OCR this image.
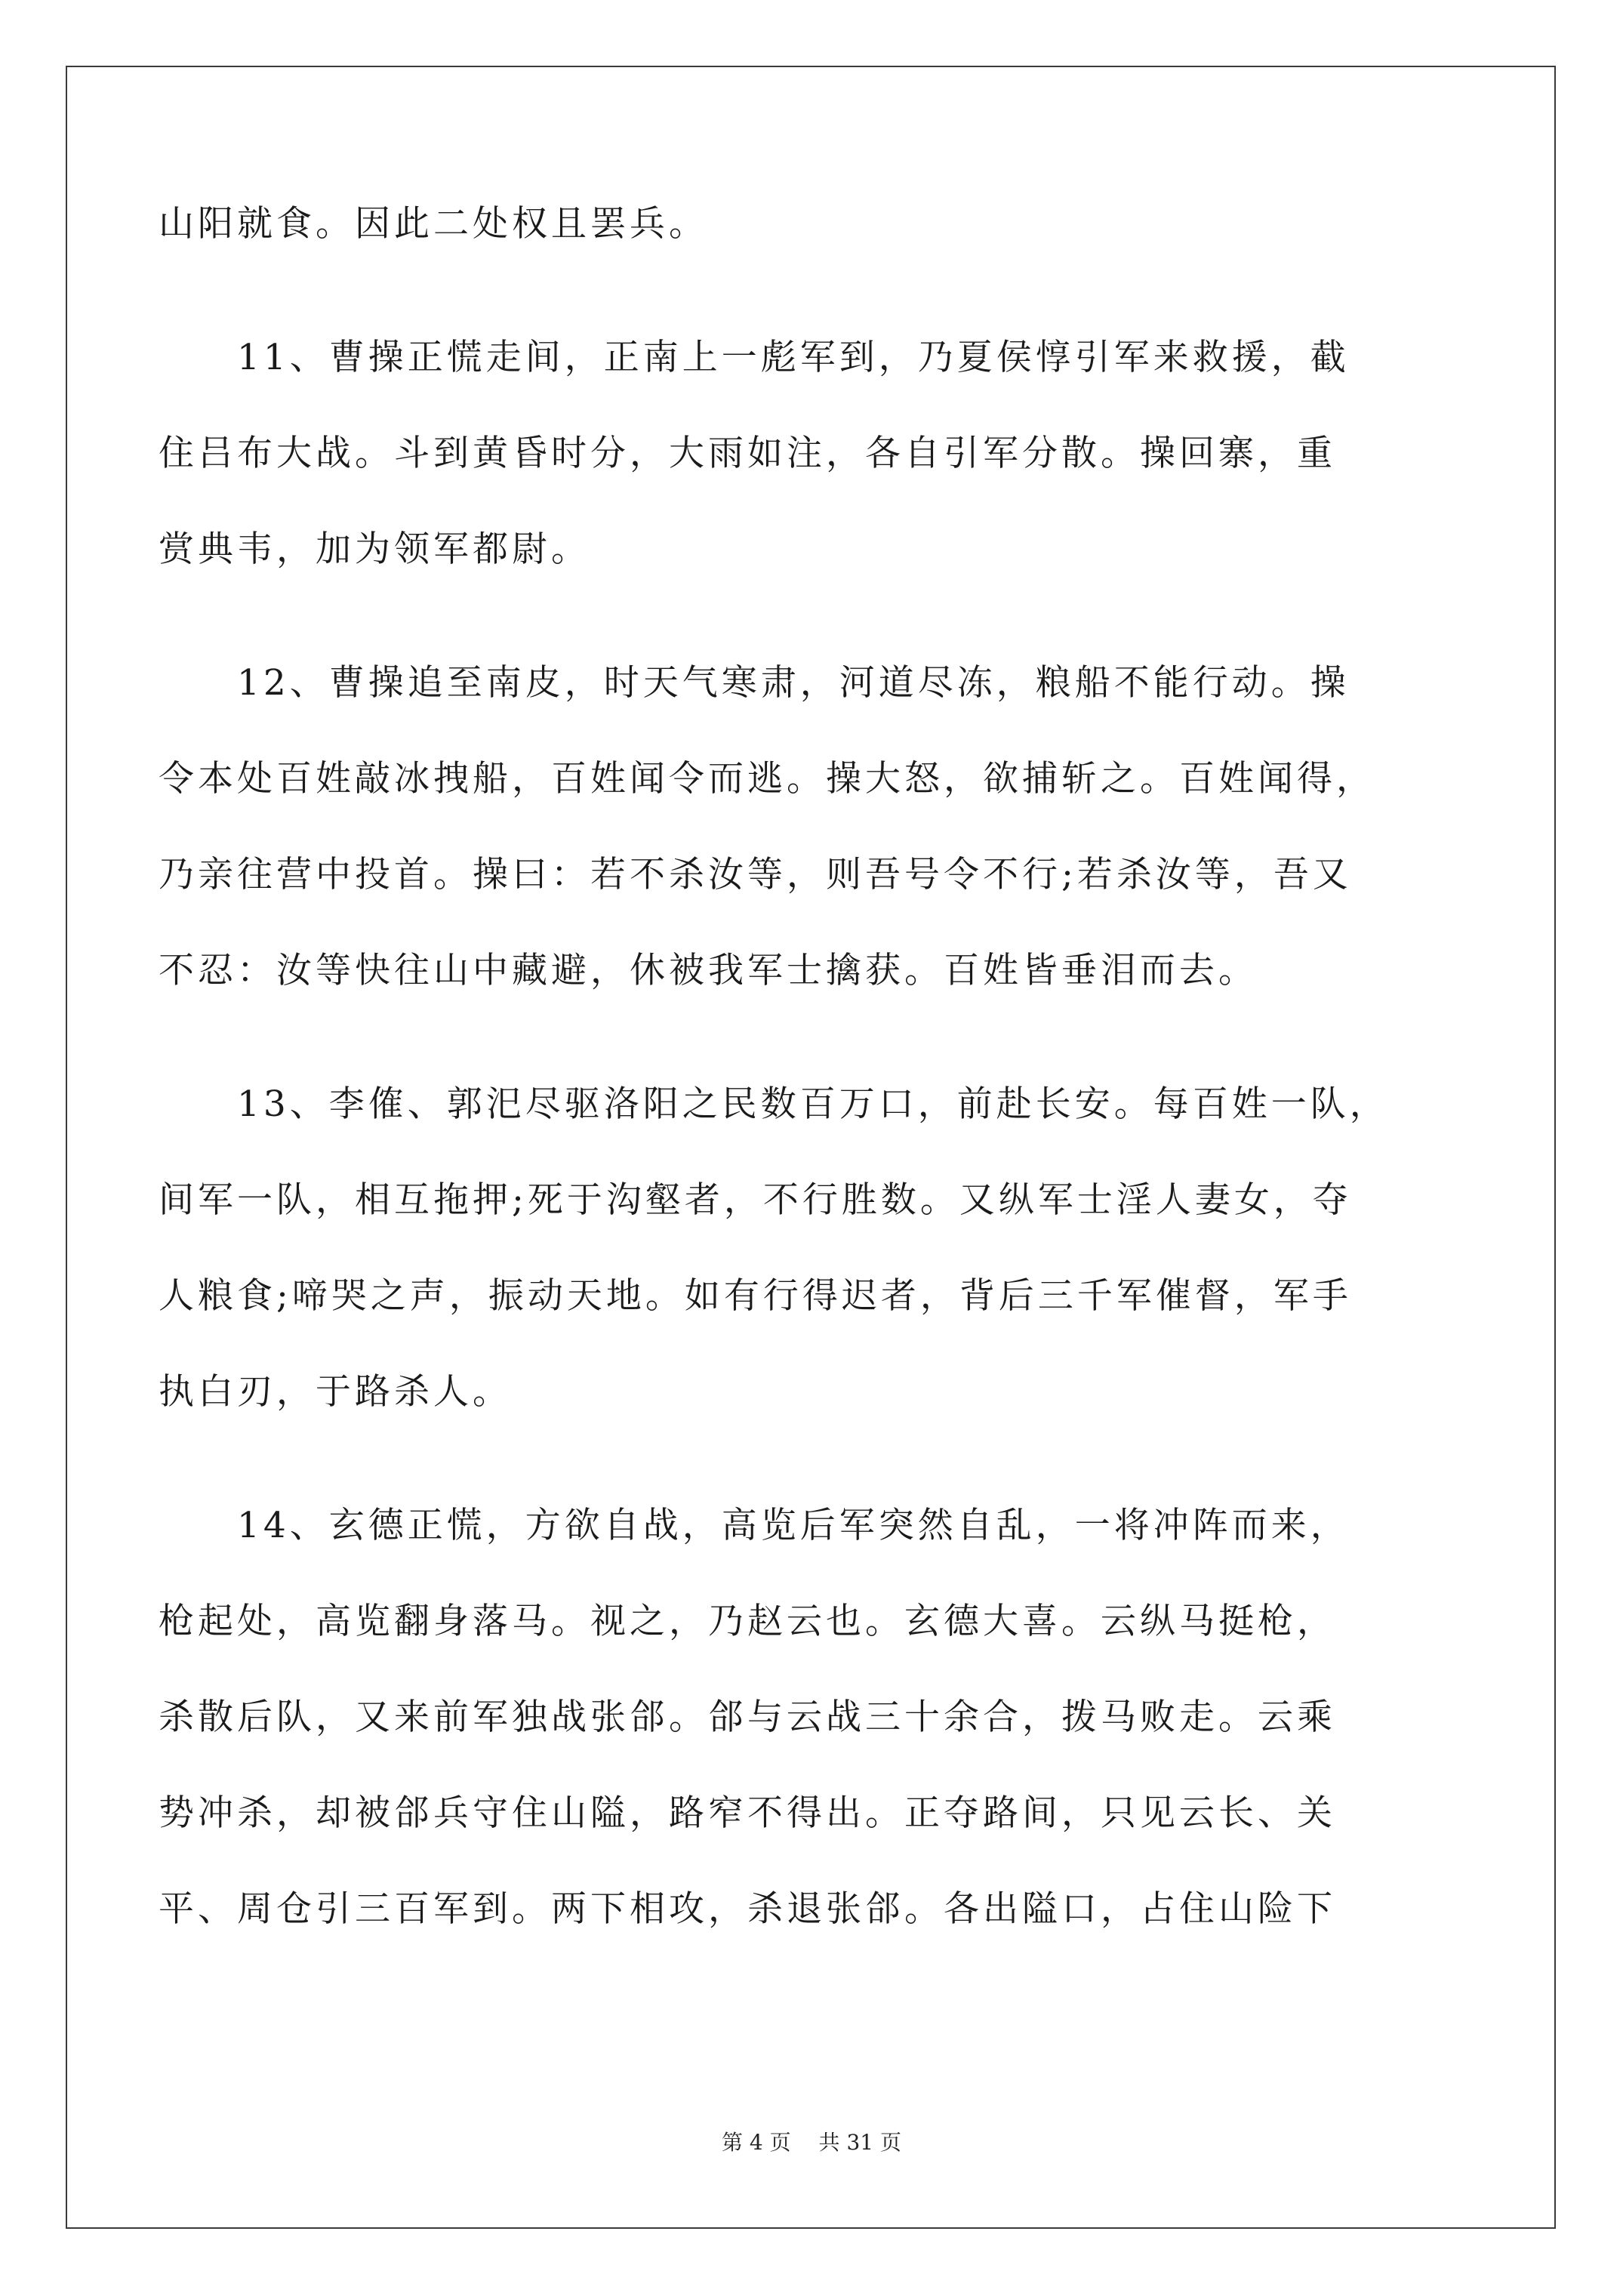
山阳就食。因此二处权且罢兵。
　　11、曹操正慌走间，正南上一彪军到，乃夏侯惇引军来救援，截
住吕布大战。斗到黄昏时分，大雨如注，各自引军分散。操回寨，重
赏典韦，加为领军都尉。
　　12、曹操追至南皮，时天气寒肃，河道尽冻，粮船不能行动。操
令本处百姓敲冰拽船，百姓闻令而逃。操大怒，欲捕斩之。百姓闻得，
乃亲往营中投首。操曰：若不杀汝等，则吾号令不行;若杀汝等，吾又
不忍：汝等快往山中藏避，休被我军士擒获。百姓皆垂泪而去。
　　13、李傕、郭汜尽驱洛阳之民数百万口，前赴长安。每百姓一队，
间军一队，相互拖押;死于沟壑者，不行胜数。又纵军士淫人妻女，夺
人粮食;啼哭之声，振动天地。如有行得迟者，背后三千军催督，军手
执白刃，于路杀人。
　　14、玄德正慌，方欲自战，高览后军突然自乱，一将冲阵而来，
枪起处，高览翻身落马。视之，乃赵云也。玄德大喜。云纵马挺枪，
杀散后队，又来前军独战张郃。郃与云战三十余合，拨马败走。云乘
势冲杀，却被郃兵守住山隘，路窄不得出。正夺路间，只见云长、关
平、周仓引三百军到。两下相攻，杀退张郃。各出隘口，占住山险下
第 4 页 共 31 页
